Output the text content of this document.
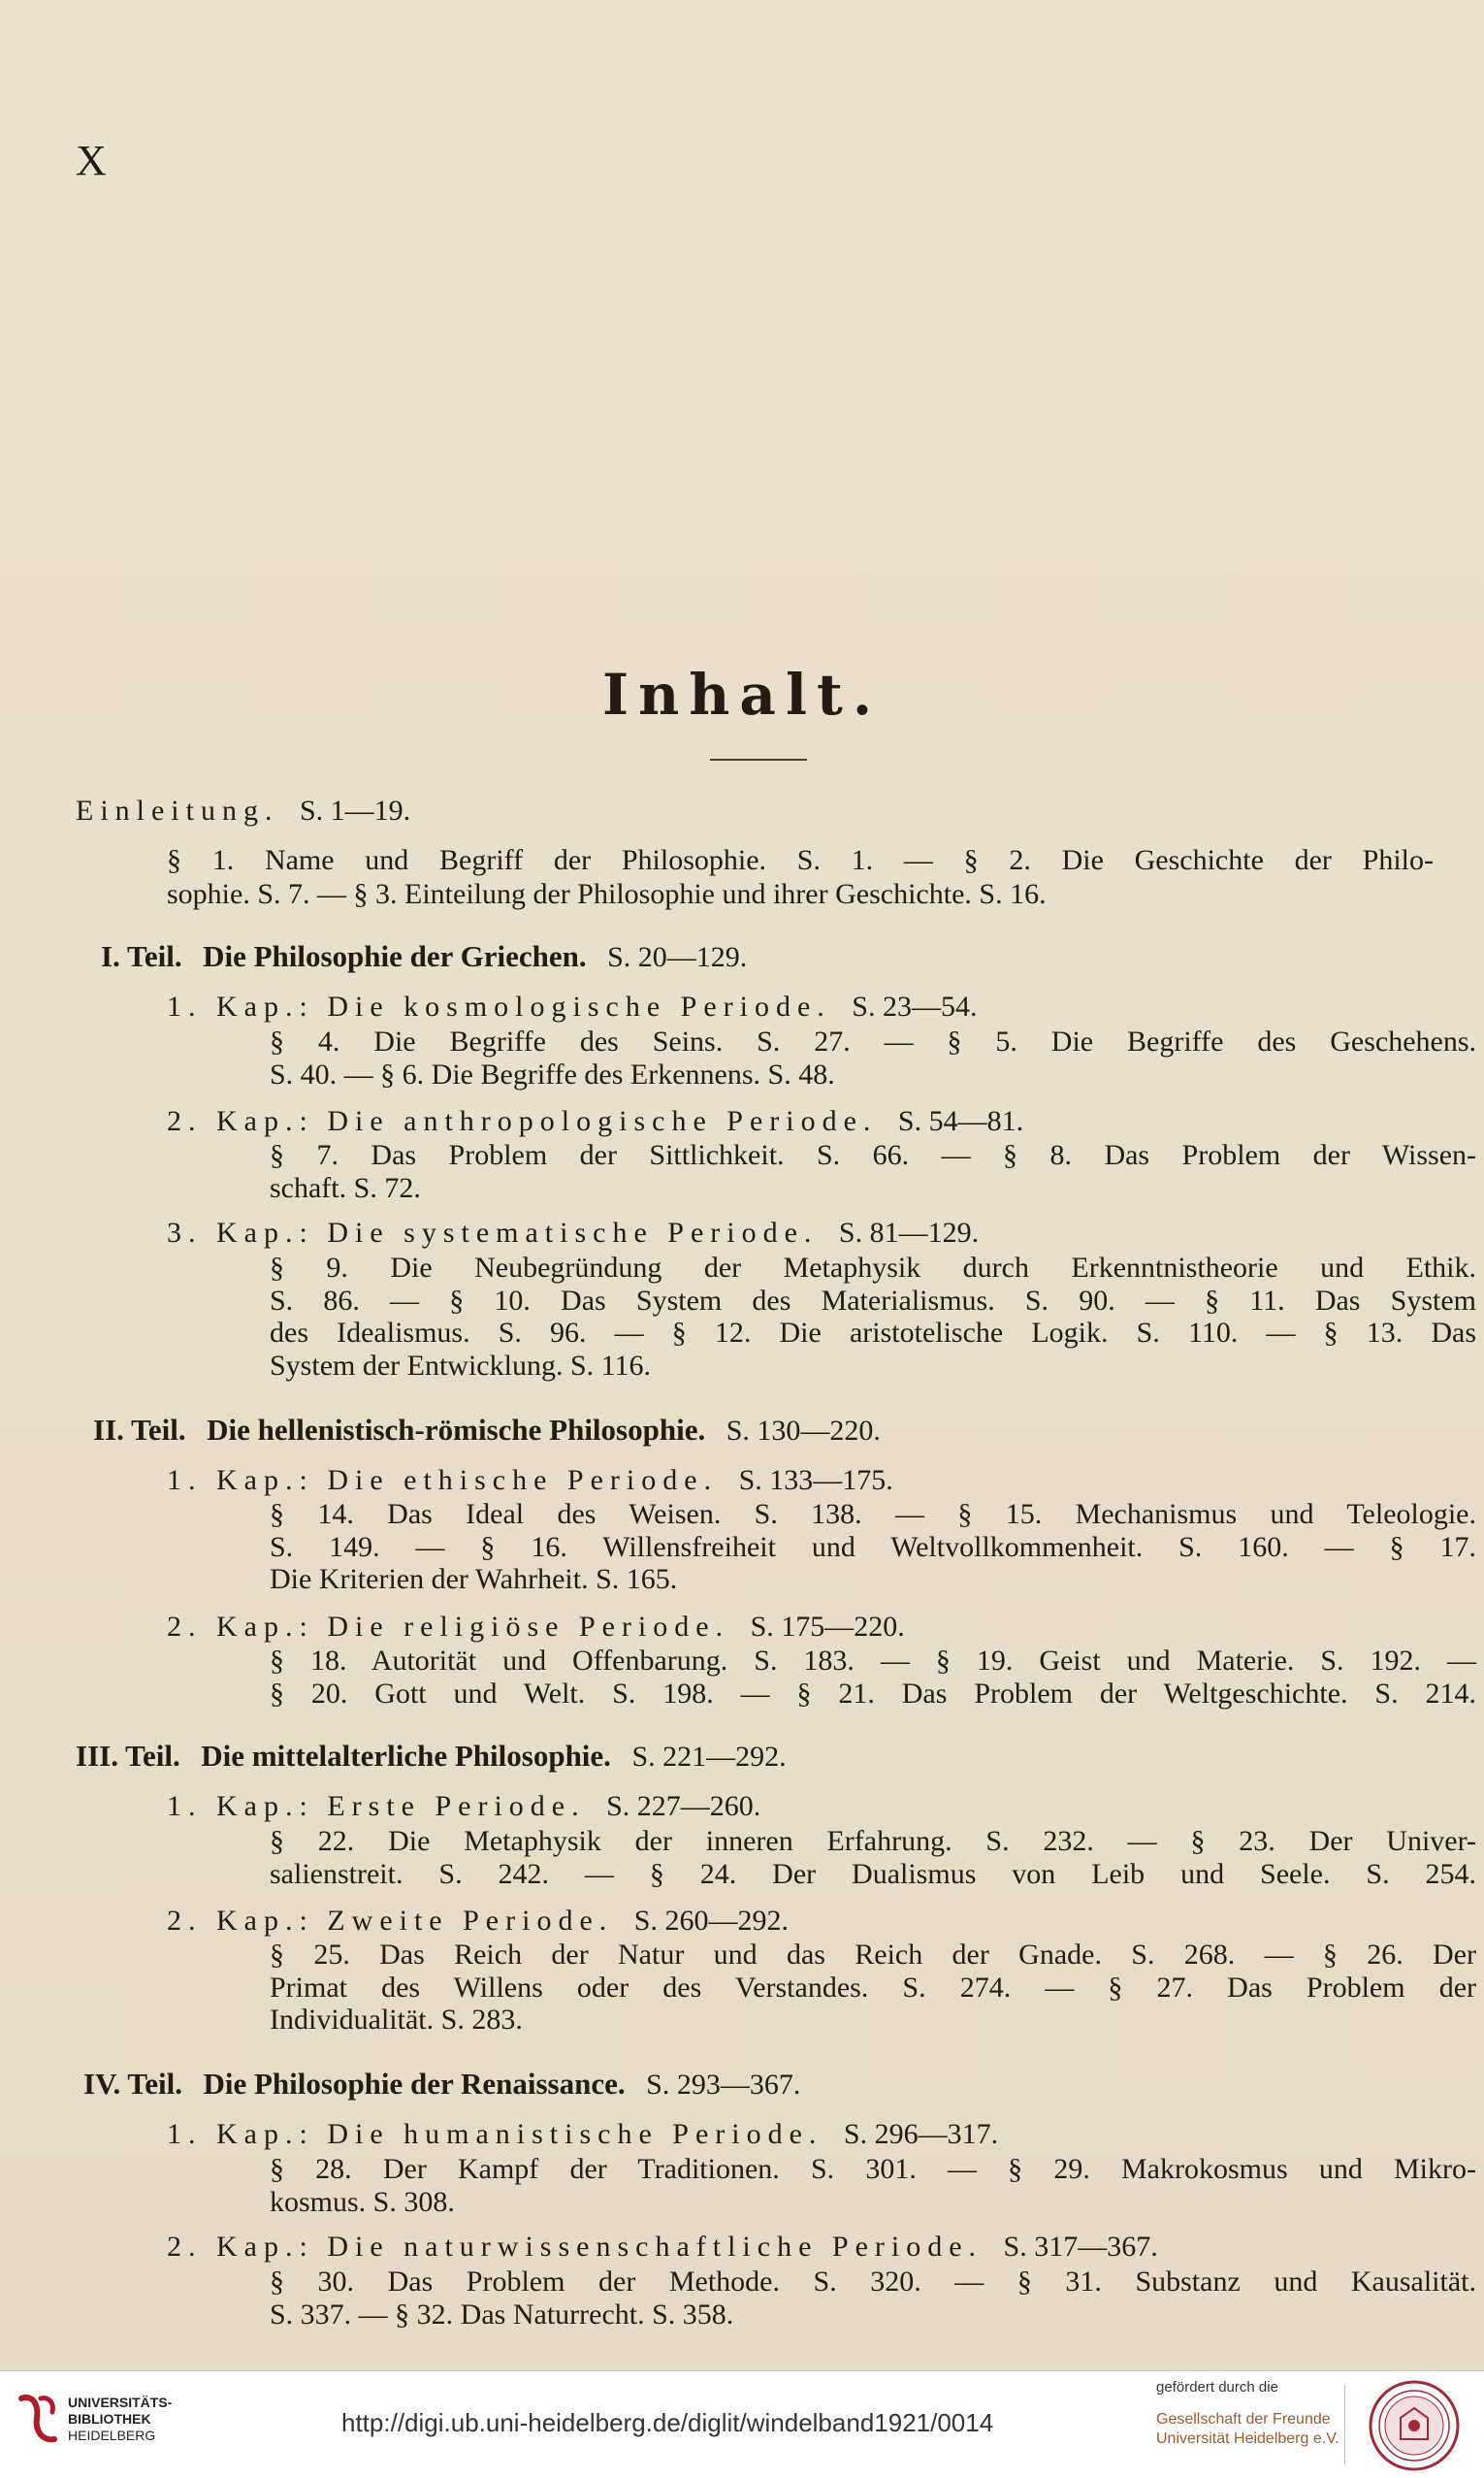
X
Inhalt.
Einleitung. S. 1—19.
§ 1. Name und Begriff der Philosophie. S. 1. — § 2. Die Geschichte der Philo-
sophie. S. 7. — § 3. Einteilung der Philosophie und ihrer Geschichte. S. 16.
I. Teil. Die Philosophie der Griechen. S. 20—129.
1. Kap.: Die kosmologische Periode. S. 23—54.
§ 4. Die Begriffe des Seins. S. 27. — § 5. Die Begriffe des Geschehens.
S. 40. — § 6. Die Begriffe des Erkennens. S. 48.
2. Kap.: Die anthropologische Periode. S. 54—81.
§ 7. Das Problem der Sittlichkeit. S. 66. — § 8. Das Problem der Wissen-
schaft. S. 72.
3. Kap.: Die systematische Periode. S. 81—129.
§ 9. Die Neubegründung der Metaphysik durch Erkenntnistheorie und Ethik.
S. 86. — § 10. Das System des Materialismus. S. 90. — § 11. Das System
des Idealismus. S. 96. — § 12. Die aristotelische Logik. S. 110. — § 13. Das
System der Entwicklung. S. 116.
II. Teil. Die hellenistisch-römische Philosophie. S. 130—220.
1. Kap.: Die ethische Periode. S. 133—175.
§ 14. Das Ideal des Weisen. S. 138. — § 15. Mechanismus und Teleologie.
S. 149. — § 16. Willensfreiheit und Weltvollkommenheit. S. 160. — § 17.
Die Kriterien der Wahrheit. S. 165.
2. Kap.: Die religiöse Periode. S. 175—220.
§ 18. Autorität und Offenbarung. S. 183. — § 19. Geist und Materie. S. 192. —
§ 20. Gott und Welt. S. 198. — § 21. Das Problem der Weltgeschichte. S. 214.
III. Teil. Die mittelalterliche Philosophie. S. 221—292.
1. Kap.: Erste Periode. S. 227—260.
§ 22. Die Metaphysik der inneren Erfahrung. S. 232. — § 23. Der Univer-
salienstreit. S. 242. — § 24. Der Dualismus von Leib und Seele. S. 254.
2. Kap.: Zweite Periode. S. 260—292.
§ 25. Das Reich der Natur und das Reich der Gnade. S. 268. — § 26. Der
Primat des Willens oder des Verstandes. S. 274. — § 27. Das Problem der
Individualität. S. 283.
IV. Teil. Die Philosophie der Renaissance. S. 293—367.
1. Kap.: Die humanistische Periode. S. 296—317.
§ 28. Der Kampf der Traditionen. S. 301. — § 29. Makrokosmus und Mikro-
kosmus. S. 308.
2. Kap.: Die naturwissenschaftliche Periode. S. 317—367.
§ 30. Das Problem der Methode. S. 320. — § 31. Substanz und Kausalität.
S. 337. — § 32. Das Naturrecht. S. 358.
UNIVERSITÄTS-
BIBLIOTHEK
HEIDELBERG	http://digi.ub.uni-heidelberg.de/diglit/windelband1921/0014
gefördert durch die
Gesellschaft der Freunde
Universität Heidelberg e.V.
